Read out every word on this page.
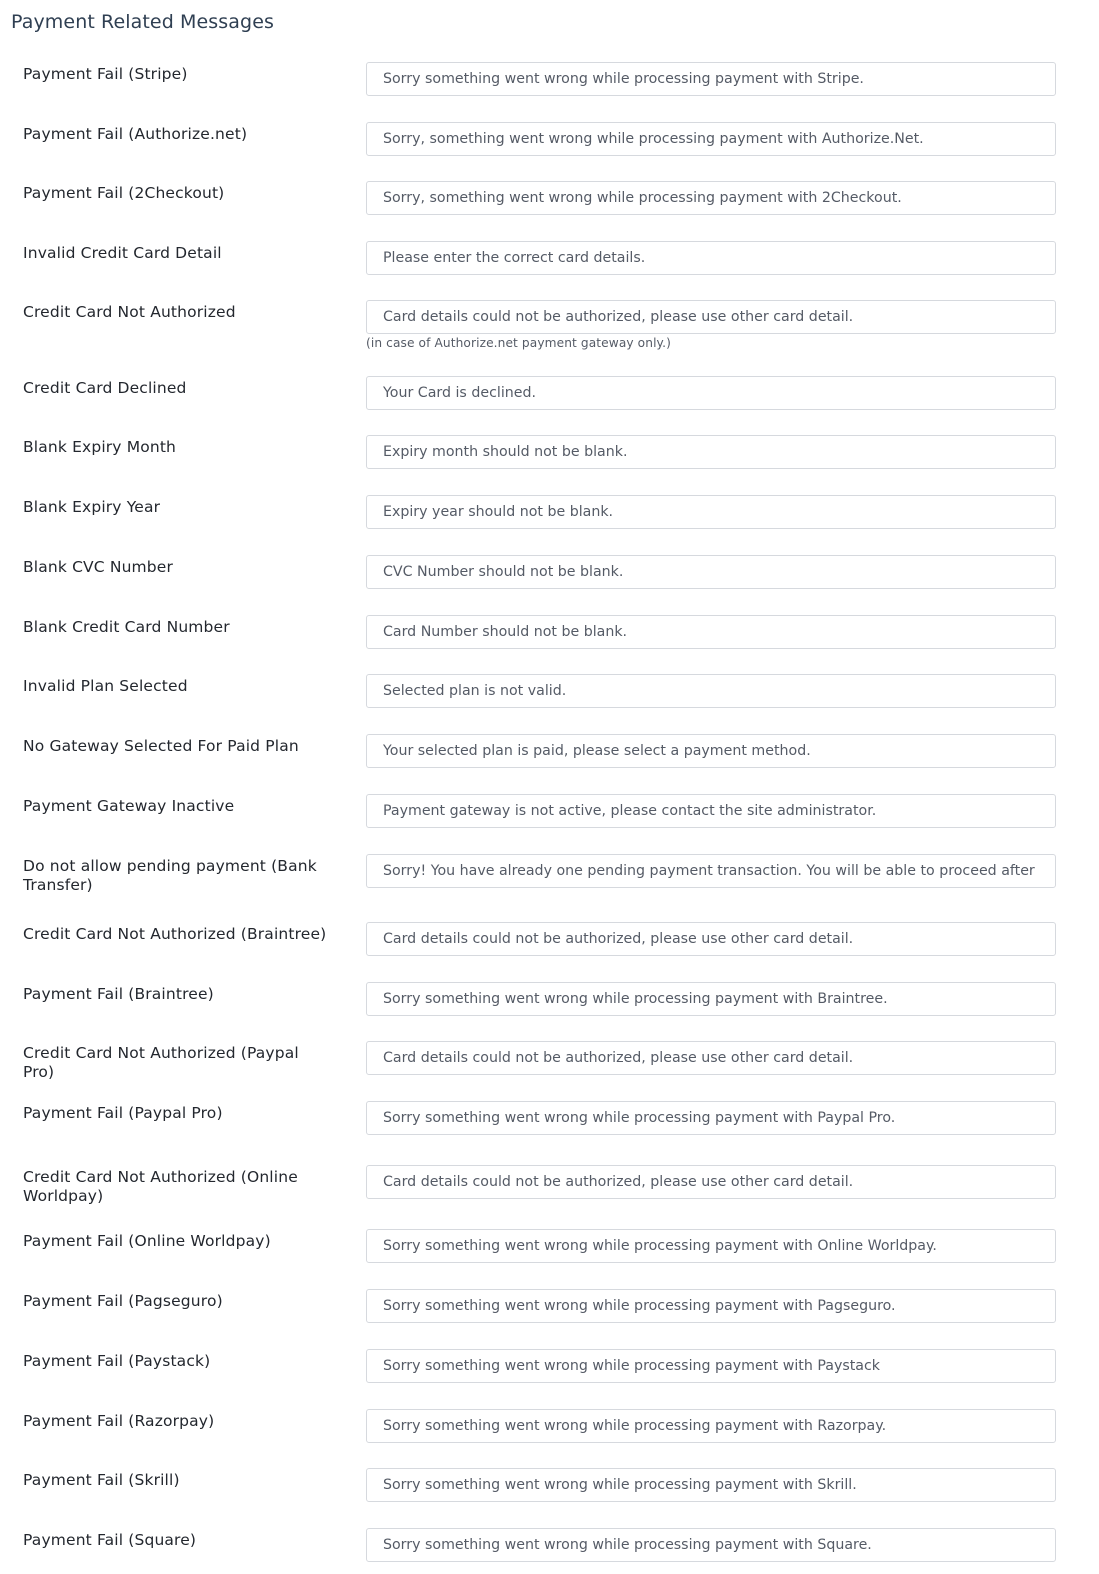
Payment Related Messages
Payment Fail (Stripe)
Sorry something went wrong while processing payment with Stripe.
Payment Fail (Authorize.net)
Sorry, something went wrong while processing payment with Authorize.Net.
Payment Fail (2Checkout)
Sorry, something went wrong while processing payment with 2Checkout.
Invalid Credit Card Detail
Please enter the correct card details.
Credit Card Not Authorized
Card details could not be authorized, please use other card detail.
(in case of Authorize.net payment gateway only.)
Credit Card Declined
Your Card is declined.
Blank Expiry Month
Expiry month should not be blank.
Blank Expiry Year
Expiry year should not be blank.
Blank CVC Number
CVC Number should not be blank.
Blank Credit Card Number
Card Number should not be blank.
Invalid Plan Selected
Selected plan is not valid.
No Gateway Selected For Paid Plan
Your selected plan is paid, please select a payment method.
Payment Gateway Inactive
Payment gateway is not active, please contact the site administrator.
Do not allow pending payment (Bank Transfer)
Sorry! You have already one pending payment transaction. You will be able to proceed after th
Credit Card Not Authorized (Braintree)
Card details could not be authorized, please use other card detail.
Payment Fail (Braintree)
Sorry something went wrong while processing payment with Braintree.
Credit Card Not Authorized (Paypal Pro)
Card details could not be authorized, please use other card detail.
Payment Fail (Paypal Pro)
Sorry something went wrong while processing payment with Paypal Pro.
Credit Card Not Authorized (Online Worldpay)
Card details could not be authorized, please use other card detail.
Payment Fail (Online Worldpay)
Sorry something went wrong while processing payment with Online Worldpay.
Payment Fail (Pagseguro)
Sorry something went wrong while processing payment with Pagseguro.
Payment Fail (Paystack)
Sorry something went wrong while processing payment with Paystack
Payment Fail (Razorpay)
Sorry something went wrong while processing payment with Razorpay.
Payment Fail (Skrill)
Sorry something went wrong while processing payment with Skrill.
Payment Fail (Square)
Sorry something went wrong while processing payment with Square.
